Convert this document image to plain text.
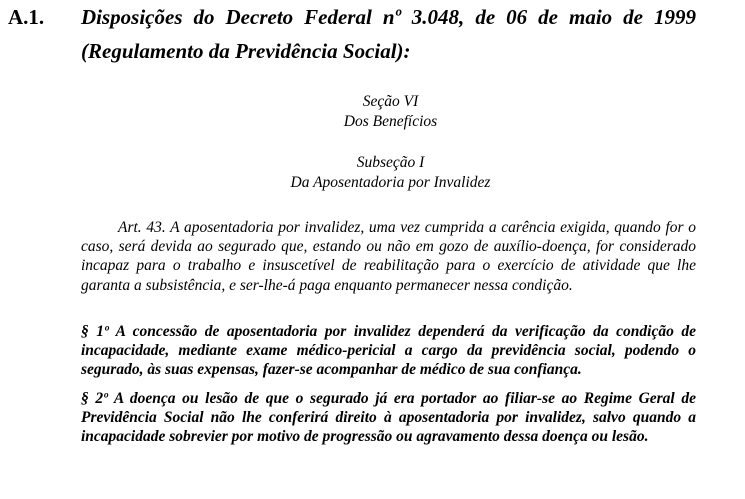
A.1. Disposições do Decreto Federal nº 3.048, de 06 de maio de 1999
(Regulamento da Previdência Social):
Seção VI
Dos Benefícios
Subseção I
Da Aposentadoria por Invalidez

Art. 43. A aposentadoria por invalidez, uma vez cumprida a carência exigida, quando for o caso, será devida ao segurado que, estando ou não em gozo de auxílio-doença, for considerado incapaz para o trabalho e insuscetível de reabilitação para o exercício de atividade que lhe garanta a subsistência, e ser-lhe-á paga enquanto permanecer nessa condição.

§ 1º A concessão de aposentadoria por invalidez dependerá da verificação da condição de incapacidade, mediante exame médico-pericial a cargo da previdência social, podendo o segurado, às suas expensas, fazer-se acompanhar de médico de sua confiança.

§ 2º A doença ou lesão de que o segurado já era portador ao filiar-se ao Regime Geral de Previdência Social não lhe conferirá direito à aposentadoria por invalidez, salvo quando a incapacidade sobrevier por motivo de progressão ou agravamento dessa doença ou lesão.
